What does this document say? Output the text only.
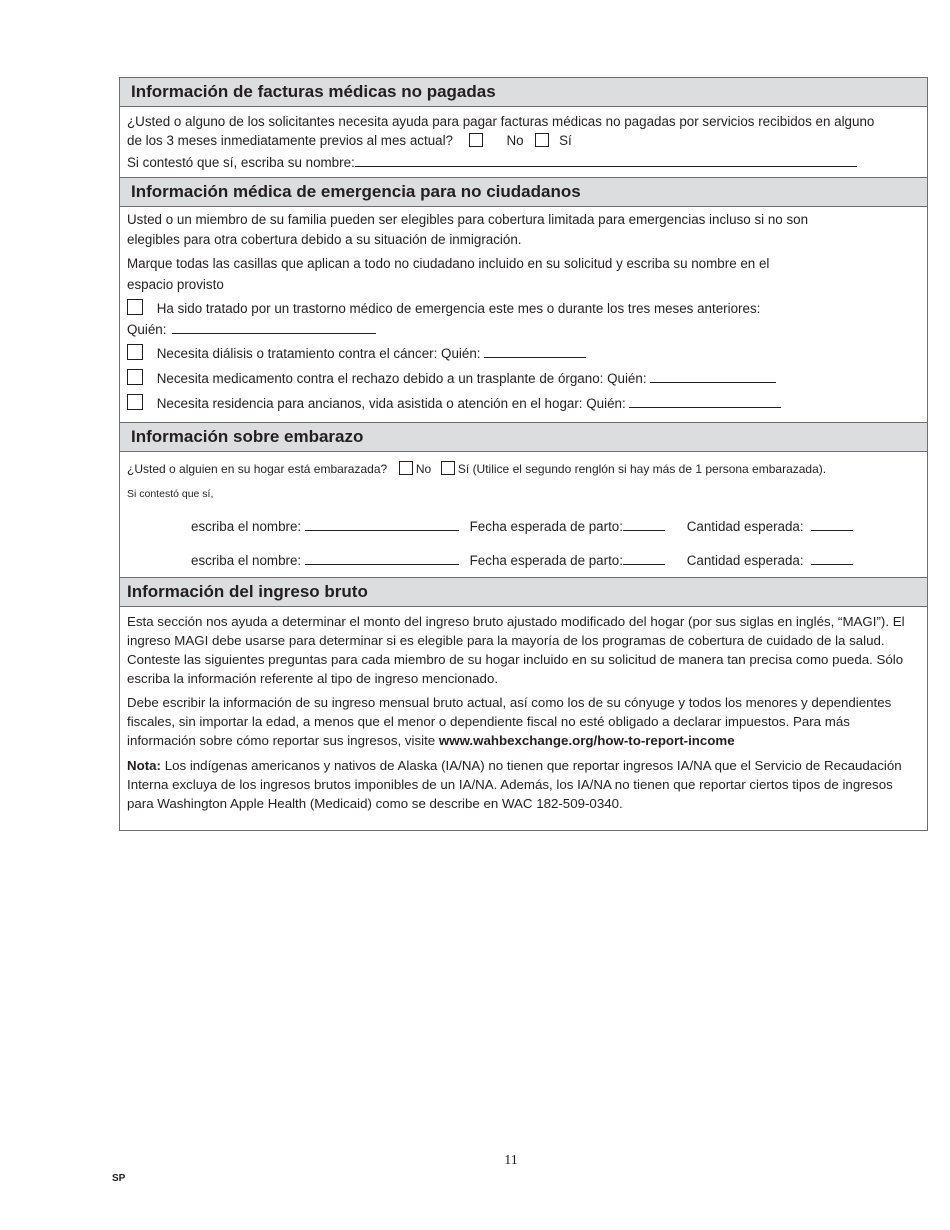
Información de facturas médicas no pagadas
¿Usted o alguno de los solicitantes necesita ayuda para pagar facturas médicas no pagadas por servicios recibidos en alguno de los 3 meses inmediatamente previos al mes actual?	No	Sí
Si contestó que sí, escriba su nombre:
Información médica de emergencia para no ciudadanos
Usted o un miembro de su familia pueden ser elegibles para cobertura limitada para emergencias incluso si no son elegibles para otra cobertura debido a su situación de inmigración.
Marque todas las casillas que aplican a todo no ciudadano incluido en su solicitud y escriba su nombre en el espacio provisto
Ha sido tratado por un trastorno médico de emergencia este mes o durante los tres meses anteriores:
Quién:
Necesita diálisis o tratamiento contra el cáncer: Quién:
Necesita medicamento contra el rechazo debido a un trasplante de órgano: Quién:
Necesita residencia para ancianos, vida asistida o atención en el hogar: Quién:
Información sobre embarazo
¿Usted o alguien en su hogar está embarazada? No Sí (Utilice el segundo renglón si hay más de 1 persona embarazada).
Si contestó que sí,
escriba el nombre:	Fecha esperada de parto:	Cantidad esperada:
escriba el nombre:	Fecha esperada de parto:	Cantidad esperada:
Información del ingreso bruto
Esta sección nos ayuda a determinar el monto del ingreso bruto ajustado modificado del hogar (por sus siglas en inglés, “MAGI”). El ingreso MAGI debe usarse para determinar si es elegible para la mayoría de los programas de cobertura de cuidado de la salud. Conteste las siguientes preguntas para cada miembro de su hogar incluido en su solicitud de manera tan precisa como pueda. Sólo escriba la información referente al tipo de ingreso mencionado.
Debe escribir la información de su ingreso mensual bruto actual, así como los de su cónyuge y todos los menores y dependientes fiscales, sin importar la edad, a menos que el menor o dependiente fiscal no esté obligado a declarar impuestos. Para más información sobre cómo reportar sus ingresos, visite www.wahbexchange.org/how-to-report-income
Nota: Los indígenas americanos y nativos de Alaska (IA/NA) no tienen que reportar ingresos IA/NA que el Servicio de Recaudación Interna excluya de los ingresos brutos imponibles de un IA/NA. Además, los IA/NA no tienen que reportar ciertos tipos de ingresos para Washington Apple Health (Medicaid) como se describe en WAC 182-509-0340.
11
SP
